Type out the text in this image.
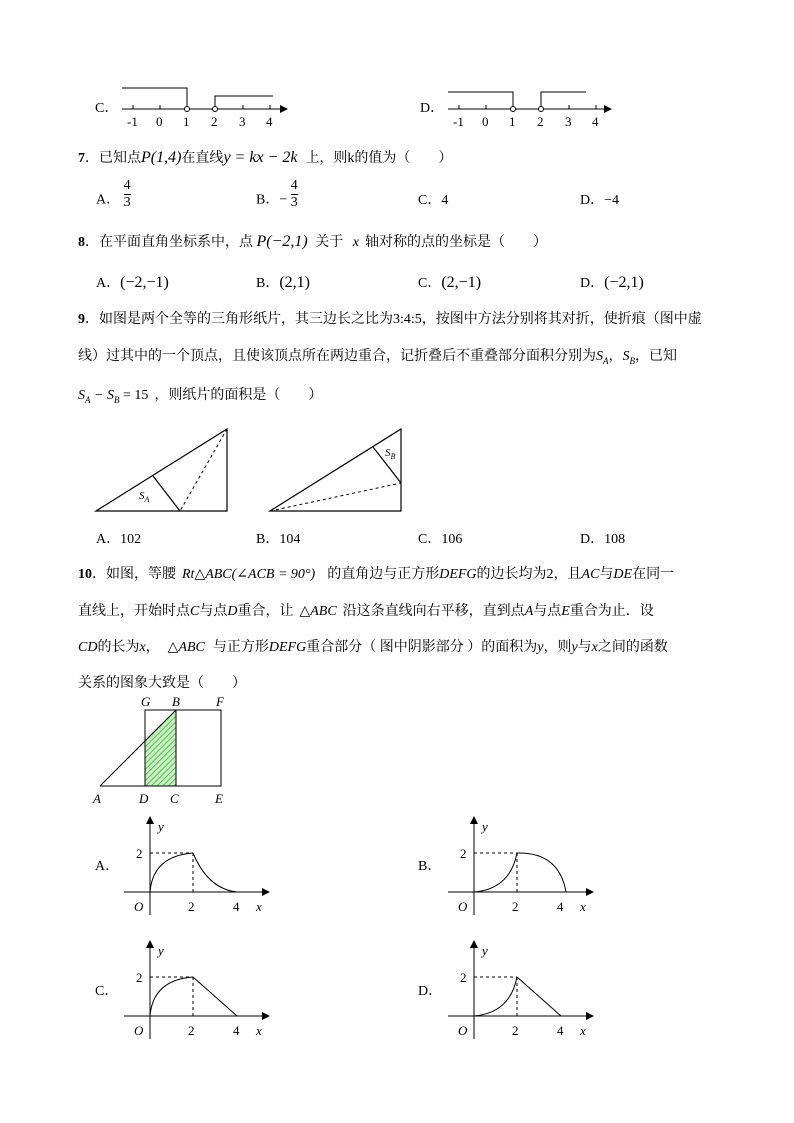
C．
-1 0 1 2 3 4
D．
-1 0 1 2 3 4
7．已知点P(1,4)在直线y = kx − 2k 上，则k的值为（　　）
A． $\frac{4}{3}$	B．− $\frac{4}{3}$	C．4	D．−4
8．在平面直角坐标系中，点 P(−2,1) 关于 x 轴对称的点的坐标是（　　）
A．(−2,−1)	B．(2,1)	C．(2,−1)	D．(−2,1)
9．如图是两个全等的三角形纸片，其三边长之比为3:4:5，按图中方法分别将其对折，使折痕（图中虚
线）过其中的一个顶点，且使该顶点所在两边重合，记折叠后不重叠部分面积分别为$S_A$，$S_B$，已知
$S_A - S_B = 15$ ，则纸片的面积是（　　）
$S_A$
$S_B$
A．102	B．104	C．106	D．108
10．如图，等腰 Rt△ABC(∠ACB = 90°) 的直角边与正方形DEFG的边长均为2，且AC与DE在同一
直线上，开始时点C与点D重合，让 △ABC 沿这条直线向右平移，直到点A与点E重合为止．设
CD的长为x， △ABC 与正方形DEFG重合部分（ 图中阴影部分 ）的面积为y，则y与x之间的函数
关系的图象大致是（　　）
G B	F
A	D C	E
A．	B．
C．	D．
y
x
O
2
2	4
y
x
O
2
2	4
y
x
O
2
2	4
y
x
O
2
2	4
